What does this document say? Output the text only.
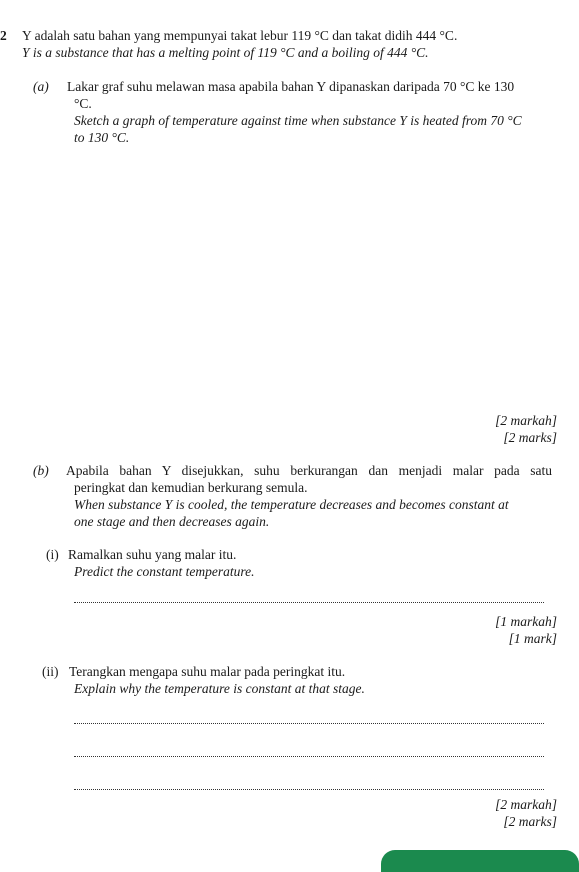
2 Y adalah satu bahan yang mempunyai takat lebur 119 °C dan takat didih 444 °C.
Y is a substance that has a melting point of 119 °C and a boiling of 444 °C.
(a) Lakar graf suhu melawan masa apabila bahan Y dipanaskan daripada 70 °C ke 130
°C.
Sketch a graph of temperature against time when substance Y is heated from 70 °C
to 130 °C.
[2 markah]
[2 marks]
(b) Apabila bahan Y disejukkan, suhu berkurangan dan menjadi malar pada satu
peringkat dan kemudian berkurang semula.
When substance Y is cooled, the temperature decreases and becomes constant at
one stage and then decreases again.
(i) Ramalkan suhu yang malar itu.
Predict the constant temperature.
[1 markah]
[1 mark]
(ii) Terangkan mengapa suhu malar pada peringkat itu.
Explain why the temperature is constant at that stage.
[2 markah]
[2 marks]
